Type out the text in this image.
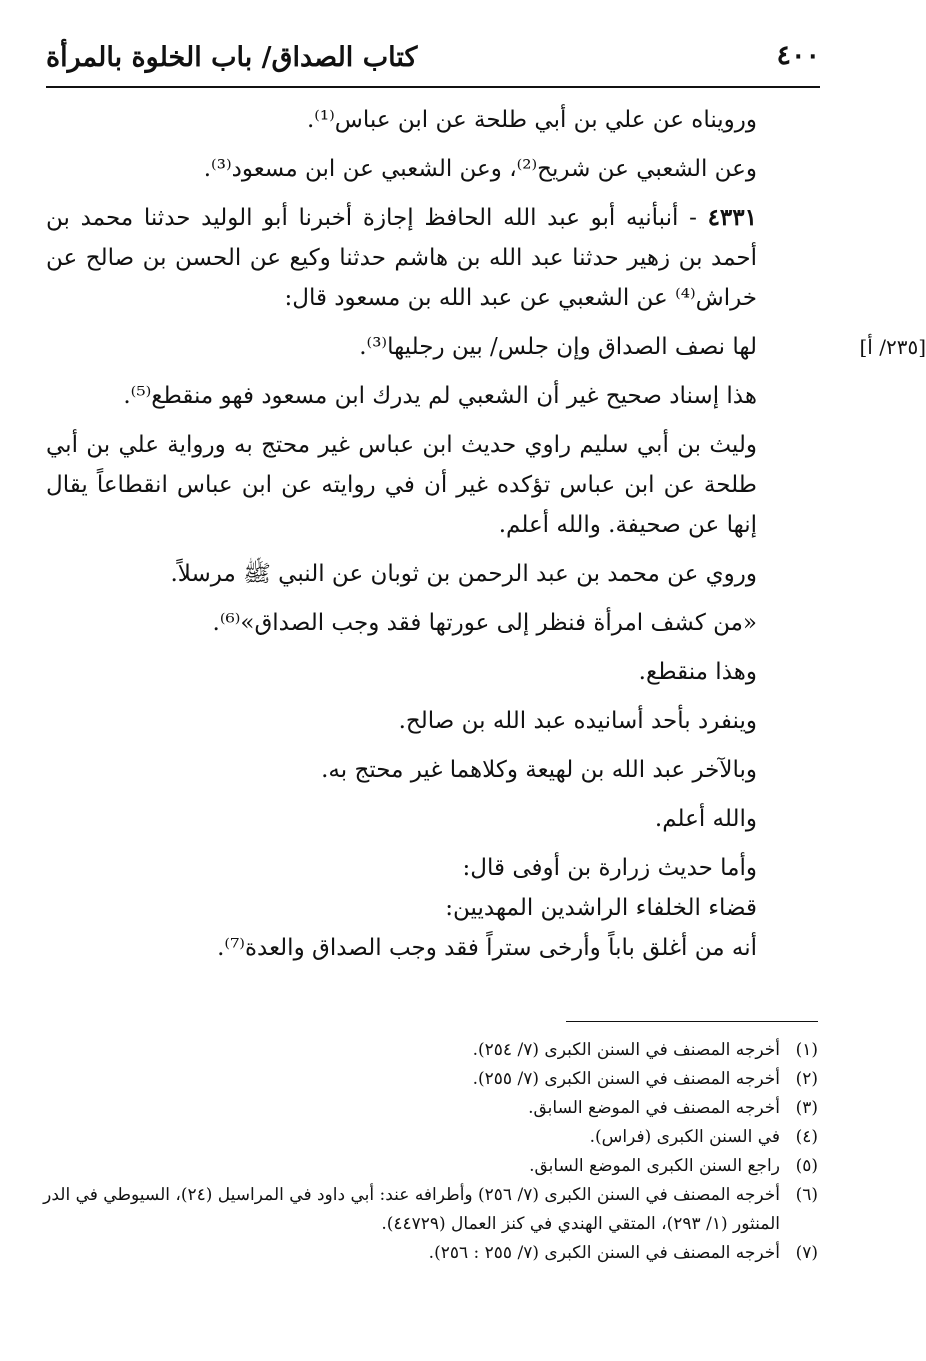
كتاب الصداق/ باب الخلوة بالمرأة	٤٠٠

ورويناه عن علي بن أبي طلحة عن ابن عباس⁽¹⁾.

وعن الشعبي عن شريح⁽²⁾، وعن الشعبي عن ابن مسعود⁽³⁾.

٤٣٣١ - أنبأنيه أبو عبد الله الحافظ إجازة أخبرنا أبو الوليد حدثنا محمد بن أحمد بن زهير حدثنا عبد الله بن هاشم حدثنا وكيع عن الحسن بن صالح عن خراش⁽⁴⁾ عن الشعبي عن عبد الله بن مسعود قال:

لها نصف الصداق وإن جلس/ بين رجليها⁽³⁾.	[٢٣٥/ أ]

هذا إسناد صحيح غير أن الشعبي لم يدرك ابن مسعود فهو منقطع⁽⁵⁾.

وليث بن أبي سليم راوي حديث ابن عباس غير محتج به ورواية علي بن أبي طلحة عن ابن عباس تؤكده غير أن في روايته عن ابن عباس انقطاعاً يقال إنها عن صحيفة. والله أعلم.

وروي عن محمد بن عبد الرحمن بن ثوبان عن النبي ﷺ مرسلاً.

«من كشف امرأة فنظر إلى عورتها فقد وجب الصداق»⁽⁶⁾.

وهذا منقطع.

وينفرد بأحد أسانيده عبد الله بن صالح.

وبالآخر عبد الله بن لهيعة وكلاهما غير محتج به.

والله أعلم.

وأما حديث زرارة بن أوفى قال:

قضاء الخلفاء الراشدين المهديين:

أنه من أغلق باباً وأرخى ستراً فقد وجب الصداق والعدة⁽⁷⁾.

(١)
أخرجه المصنف في السنن الكبرى (٧/ ٢٥٤).
(٢)
أخرجه المصنف في السنن الكبرى (٧/ ٢٥٥).
(٣)
أخرجه المصنف في الموضع السابق.
(٤)
في السنن الكبرى (فراس).
(٥)
راجع السنن الكبرى الموضع السابق.
(٦)
أخرجه المصنف في السنن الكبرى (٧/ ٢٥٦) وأطرافه عند: أبي داود في المراسيل (٢٤)، السيوطي في الدر المنثور (١/ ٢٩٣)، المتقي الهندي في كنز العمال (٤٤٧٢٩).
(٧)
أخرجه المصنف في السنن الكبرى (٧/ ٢٥٥ : ٢٥٦).
